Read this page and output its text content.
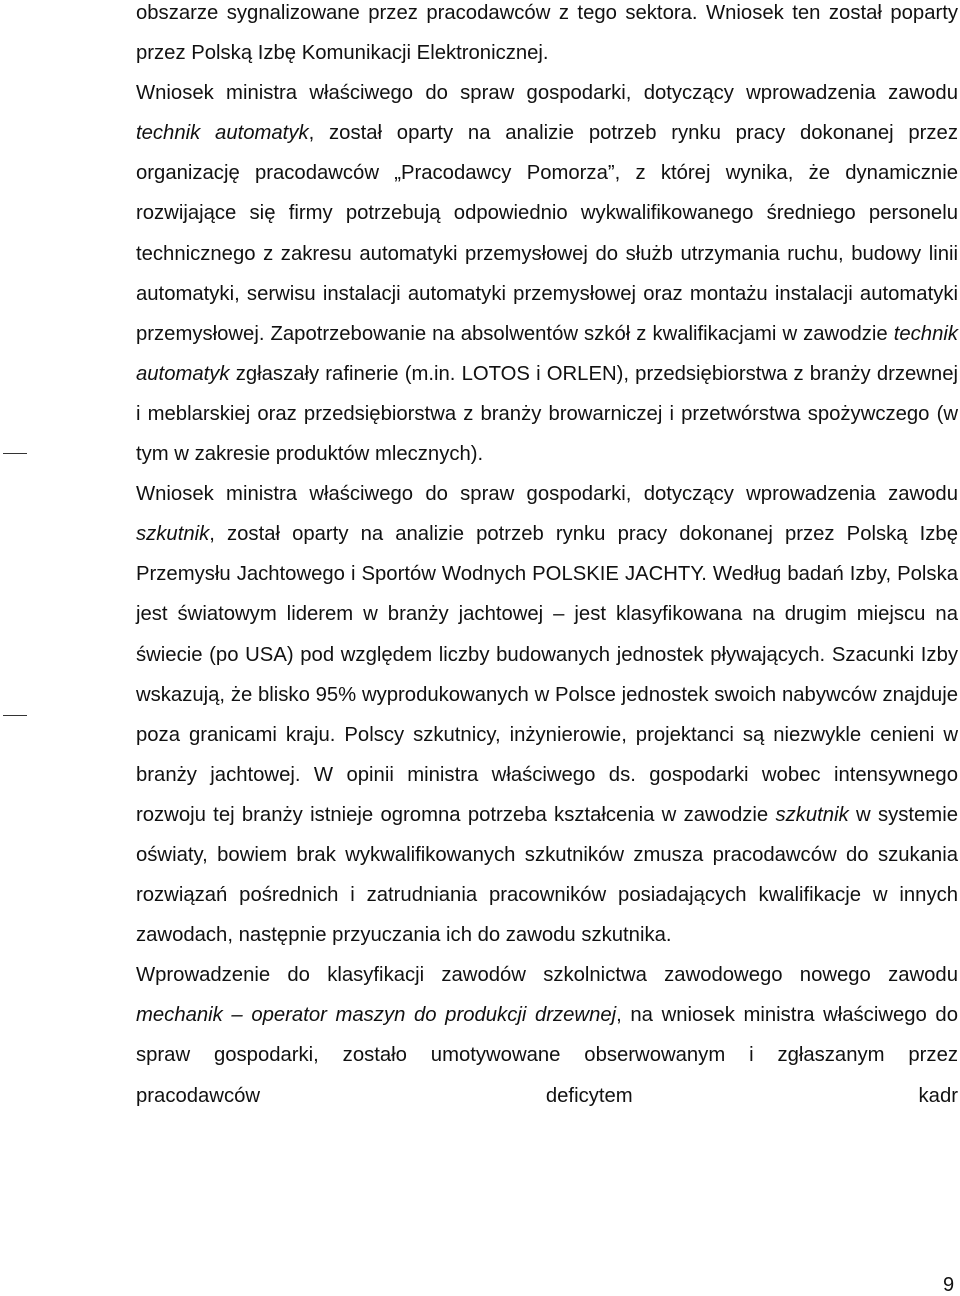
obszarze sygnalizowane przez pracodawców z tego sektora. Wniosek ten został poparty przez Polską Izbę Komunikacji Elektronicznej.

Wniosek ministra właściwego do spraw gospodarki, dotyczący wprowadzenia zawodu technik automatyk, został oparty na analizie potrzeb rynku pracy dokonanej przez organizację pracodawców „Pracodawcy Pomorza”, z której wynika, że dynamicznie rozwijające się firmy potrzebują odpowiednio wykwalifikowanego średniego personelu technicznego z zakresu automatyki przemysłowej do służb utrzymania ruchu, budowy linii automatyki, serwisu instalacji automatyki przemysłowej oraz montażu instalacji automatyki przemysłowej. Zapotrzebowanie na absolwentów szkół z kwalifikacjami w zawodzie technik automatyk zgłaszały rafinerie (m.in. LOTOS i ORLEN), przedsiębiorstwa z branży drzewnej i meblarskiej oraz przedsiębiorstwa z branży browarniczej i przetwórstwa spożywczego (w tym w zakresie produktów mlecznych).

Wniosek ministra właściwego do spraw gospodarki, dotyczący wprowadzenia zawodu szkutnik, został oparty na analizie potrzeb rynku pracy dokonanej przez Polską Izbę Przemysłu Jachtowego i Sportów Wodnych POLSKIE JACHTY. Według badań Izby, Polska jest światowym liderem w branży jachtowej – jest klasyfikowana na drugim miejscu na świecie (po USA) pod względem liczby budowanych jednostek pływających. Szacunki Izby wskazują, że blisko 95% wyprodukowanych w Polsce jednostek swoich nabywców znajduje poza granicami kraju. Polscy szkutnicy, inżynierowie, projektanci są niezwykle cenieni w branży jachtowej. W opinii ministra właściwego ds. gospodarki wobec intensywnego rozwoju tej branży istnieje ogromna potrzeba kształcenia w zawodzie szkutnik w systemie oświaty, bowiem brak wykwalifikowanych szkutników zmusza pracodawców do szukania rozwiązań pośrednich i zatrudniania pracowników posiadających kwalifikacje w innych zawodach, następnie przyuczania ich do zawodu szkutnika.

Wprowadzenie do klasyfikacji zawodów szkolnictwa zawodowego nowego zawodu mechanik – operator maszyn do produkcji drzewnej, na wniosek ministra właściwego do spraw gospodarki, zostało umotywowane obserwowanym i zgłaszanym przez pracodawców deficytem kadr

9
